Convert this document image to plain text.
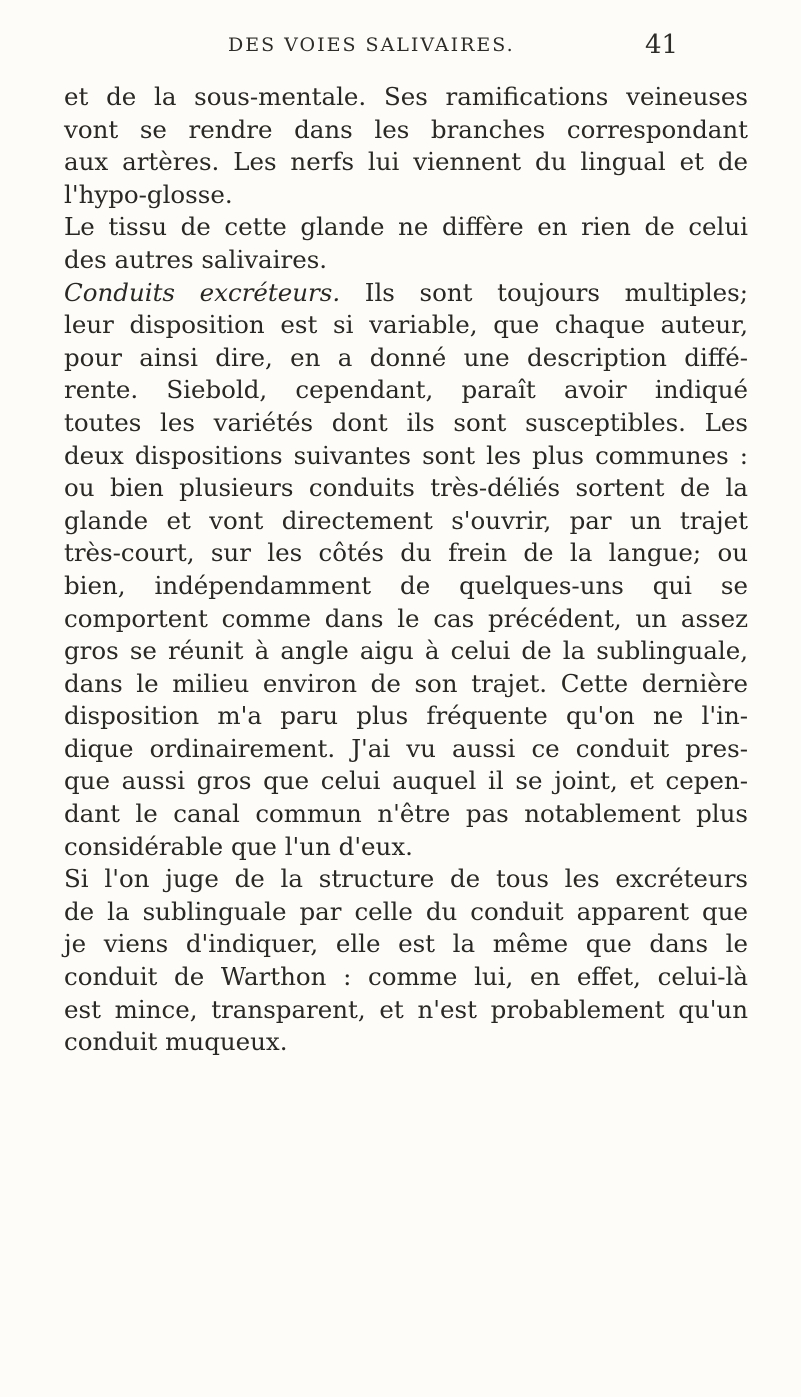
DES VOIES SALIVAIRES.	41
et de la sous-mentale. Ses ramifications veineuses
vont se rendre dans les branches correspondant
aux artères. Les nerfs lui viennent du lingual et de
l'hypo-glosse.
Le tissu de cette glande ne diffère en rien de celui
des autres salivaires.
Conduits excréteurs. Ils sont toujours multiples;
leur disposition est si variable, que chaque auteur,
pour ainsi dire, en a donné une description diffé-
rente. Siebold, cependant, paraît avoir indiqué
toutes les variétés dont ils sont susceptibles. Les
deux dispositions suivantes sont les plus communes :
ou bien plusieurs conduits très-déliés sortent de la
glande et vont directement s'ouvrir, par un trajet
très-court, sur les côtés du frein de la langue; ou
bien, indépendamment de quelques-uns qui se
comportent comme dans le cas précédent, un assez
gros se réunit à angle aigu à celui de la sublinguale,
dans le milieu environ de son trajet. Cette dernière
disposition m'a paru plus fréquente qu'on ne l'in-
dique ordinairement. J'ai vu aussi ce conduit pres-
que aussi gros que celui auquel il se joint, et cepen-
dant le canal commun n'être pas notablement plus
considérable que l'un d'eux.
Si l'on juge de la structure de tous les excréteurs
de la sublinguale par celle du conduit apparent que
je viens d'indiquer, elle est la même que dans le
conduit de Warthon : comme lui, en effet, celui-là
est mince, transparent, et n'est probablement qu'un
conduit muqueux.
